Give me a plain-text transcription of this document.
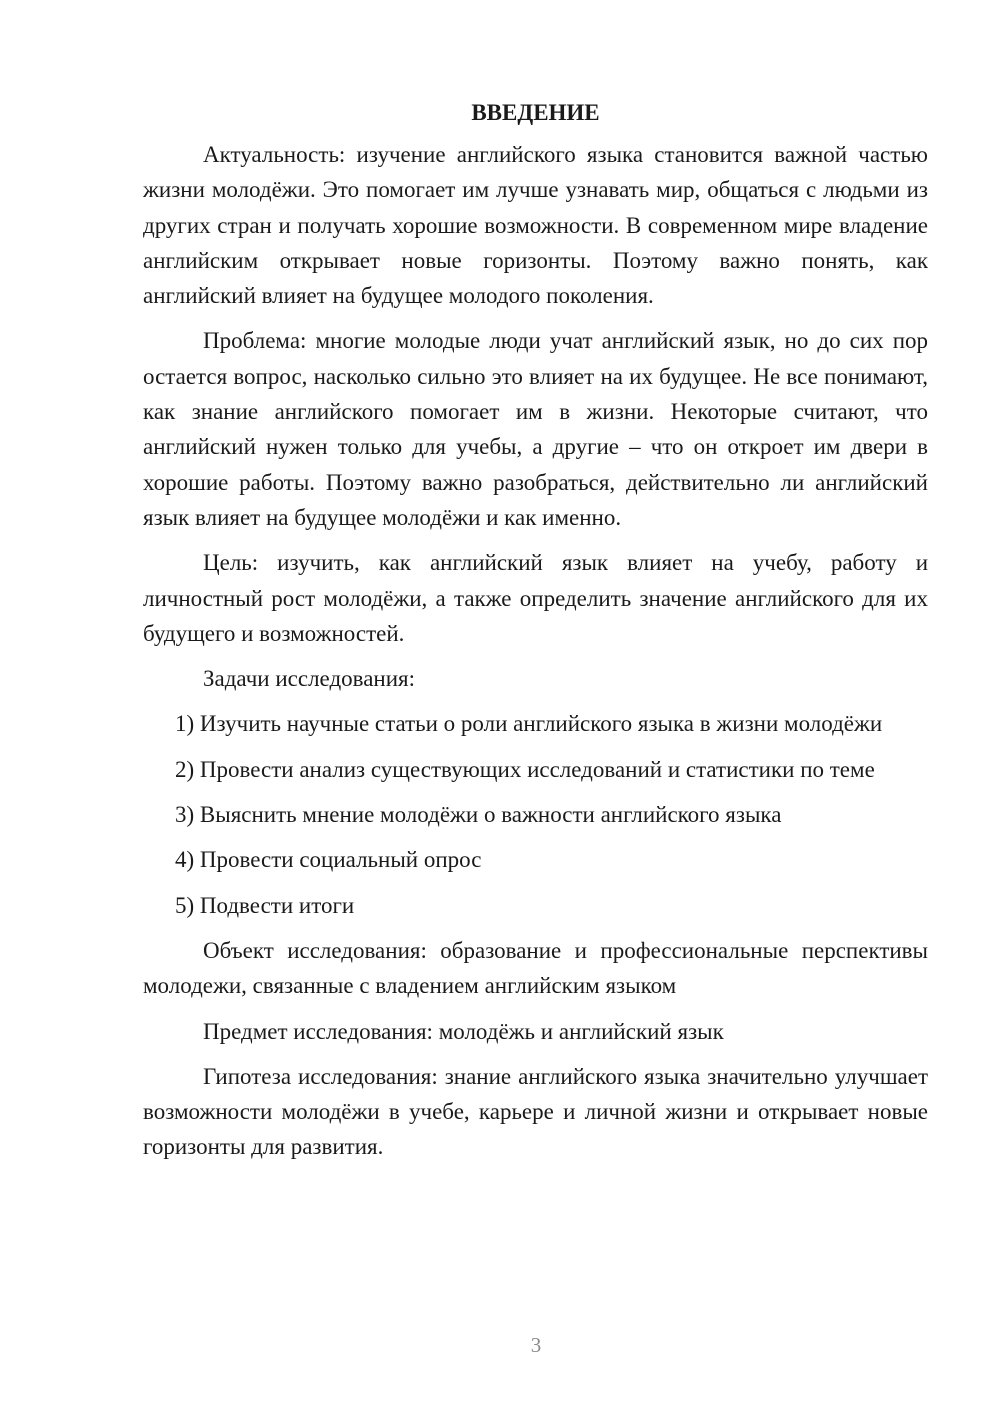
ВВЕДЕНИЕ

Актуальность: изучение английского языка становится важной частью жизни молодёжи. Это помогает им лучше узнавать мир, общаться с людьми из других стран и получать хорошие возможности. В современном мире владение английским открывает новые горизонты. Поэтому важно понять, как английский влияет на будущее молодого поколения.

Проблема: многие молодые люди учат английский язык, но до сих пор остается вопрос, насколько сильно это влияет на их будущее. Не все понимают, как знание английского помогает им в жизни. Некоторые считают, что английский нужен только для учебы, а другие – что он откроет им двери в хорошие работы. Поэтому важно разобраться, действительно ли английский язык влияет на будущее молодёжи и как именно.

Цель: изучить, как английский язык влияет на учебу, работу и личностный рост молодёжи, а также определить значение английского для их будущего и возможностей.

Задачи исследования:

1) Изучить научные статьи о роли английского языка в жизни молодёжи

2) Провести анализ существующих исследований и статистики по теме

3) Выяснить мнение молодёжи о важности английского языка

4) Провести социальный опрос

5) Подвести итоги

Объект исследования: образование и профессиональные перспективы молодежи, связанные с владением английским языком

Предмет исследования: молодёжь и английский язык

Гипотеза исследования: знание английского языка значительно улучшает возможности молодёжи в учебе, карьере и личной жизни и открывает новые горизонты для развития.

3
